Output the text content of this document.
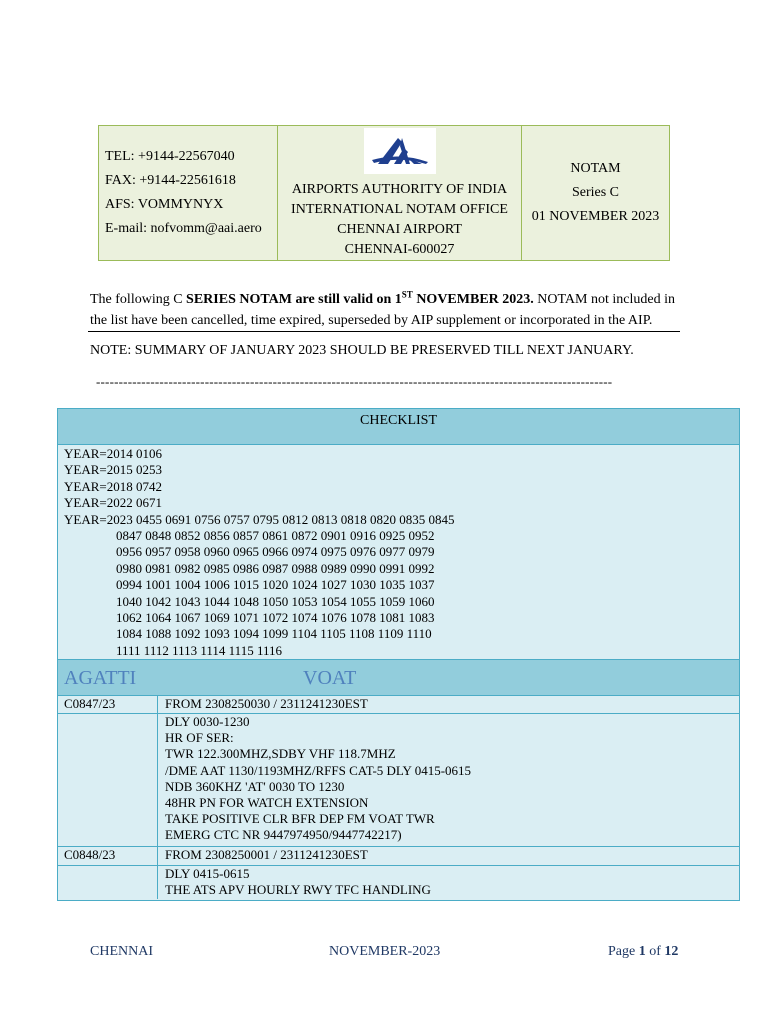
TEL: +9144-22567040
FAX: +9144-22561618
AFS: VOMMYNYX
E-mail: nofvomm@aai.aero

AIRPORTS AUTHORITY OF INDIA
INTERNATIONAL NOTAM OFFICE
CHENNAI AIRPORT
CHENNAI-600027

NOTAM
Series C
01 NOVEMBER 2023
The following C SERIES NOTAM are still valid on 1ST NOVEMBER 2023. NOTAM not included in the list have been cancelled, time expired, superseded by AIP supplement or incorporated in the AIP.
NOTE: SUMMARY OF JANUARY 2023 SHOULD BE PRESERVED TILL NEXT JANUARY.
------------------------------------------------------------------------------------------------------------------
CHECKLIST
YEAR=2014 0106
YEAR=2015 0253
YEAR=2018 0742
YEAR=2022 0671
YEAR=2023 0455 0691 0756 0757 0795 0812 0813 0818 0820 0835 0845
0847 0848 0852 0856 0857 0861 0872 0901 0916 0925 0952
0956 0957 0958 0960 0965 0966 0974 0975 0976 0977 0979
0980 0981 0982 0985 0986 0987 0988 0989 0990 0991 0992
0994 1001 1004 1006 1015 1020 1024 1027 1030 1035 1037
1040 1042 1043 1044 1048 1050 1053 1054 1055 1059 1060
1062 1064 1067 1069 1071 1072 1074 1076 1078 1081 1083
1084 1088 1092 1093 1094 1099 1104 1105 1108 1109 1110
1111 1112 1113 1114 1115 1116
AGATTI	VOAT
C0847/23	FROM 2308250030 / 2311241230EST
DLY 0030-1230
HR OF SER:
TWR 122.300MHZ,SDBY VHF 118.7MHZ
/DME AAT 1130/1193MHZ/RFFS CAT-5 DLY 0415-0615
NDB 360KHZ 'AT' 0030 TO 1230
48HR PN FOR WATCH EXTENSION
TAKE POSITIVE CLR BFR DEP FM VOAT TWR
EMERG CTC NR 9447974950/9447742217)
C0848/23	FROM 2308250001 / 2311241230EST
DLY 0415-0615
THE ATS APV HOURLY RWY TFC HANDLING
CHENNAI	NOVEMBER-2023	Page 1 of 12
